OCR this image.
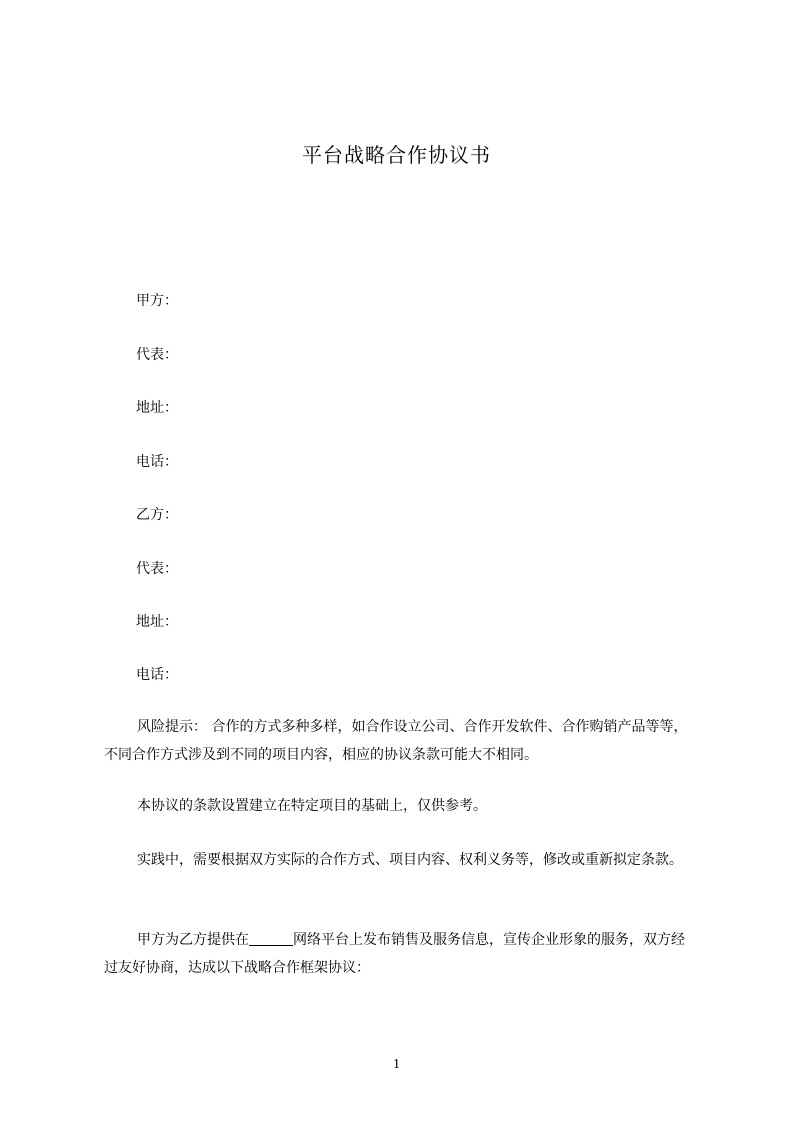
平台战略合作协议书
甲方：
代表：
地址：
电话：
乙方：
代表：
地址：
电话：
风险提示： 合作的方式多种多样，如合作设立公司、合作开发软件、合作购销产品等等，不同合作方式涉及到不同的项目内容，相应的协议条款可能大不相同。
本协议的条款设置建立在特定项目的基础上，仅供参考。
实践中，需要根据双方实际的合作方式、项目内容、权利义务等，修改或重新拟定条款。
甲方为乙方提供在	网络平台上发布销售及服务信息，宣传企业形象的服务，双方经过友好协商，达成以下战略合作框架协议：
1
